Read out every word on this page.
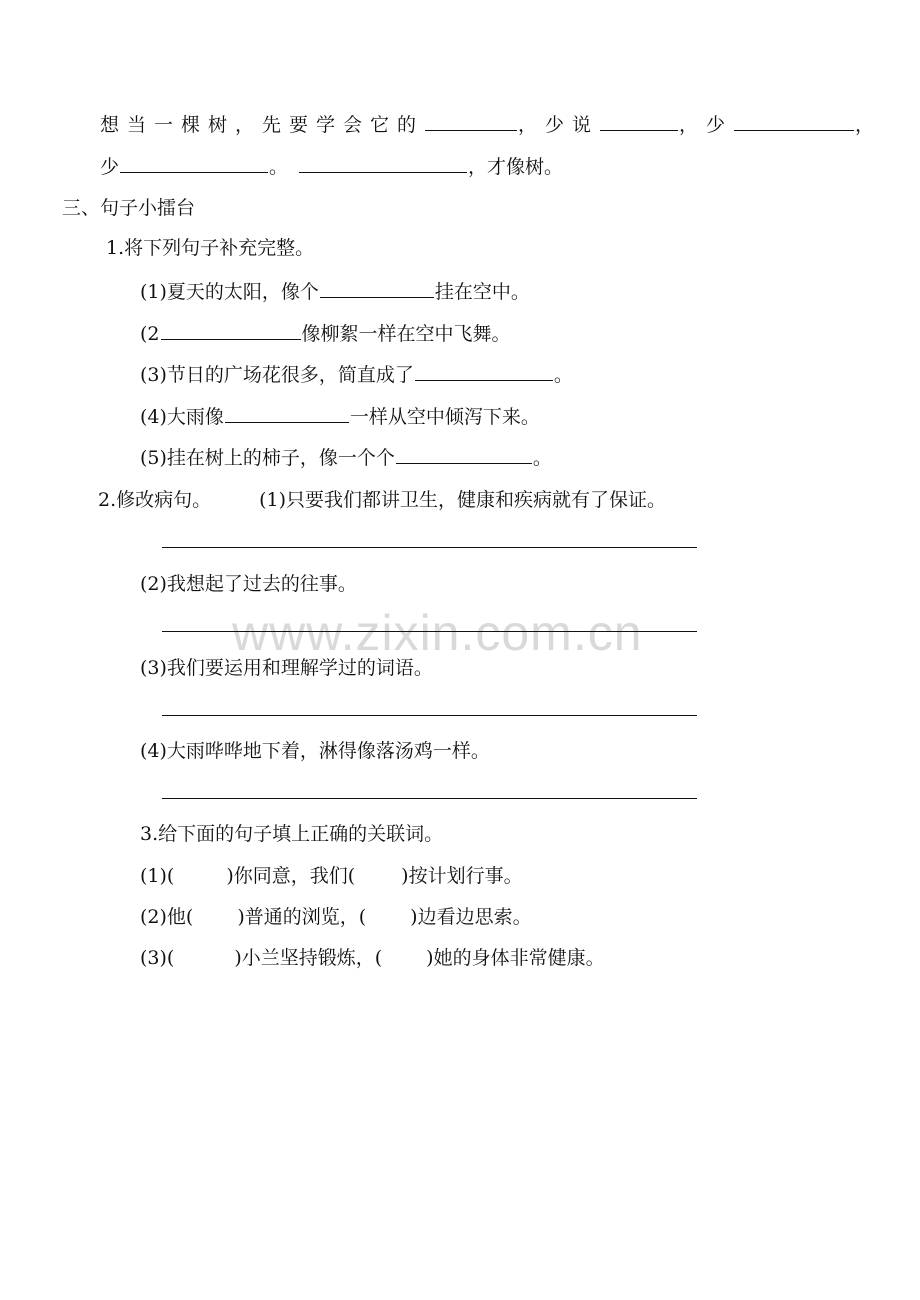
www.zixin.com.cn
想当一棵树，先要学会它的	，少说	，少	，
少	。	，才像树。
三、句子小擂台
1.将下列句子补充完整。
(1)夏天的太阳，像个	挂在空中。
(2	像柳絮一样在空中飞舞。
(3)节日的广场花很多，简直成了	。
(4)大雨像	一样从空中倾泻下来。
(5)挂在树上的柿子，像一个个	。
2.修改病句。	(1)只要我们都讲卫生，健康和疾病就有了保证。
(2)我想起了过去的往事。
(3)我们要运用和理解学过的词语。
(4)大雨哗哗地下着，淋得像落汤鸡一样。
3.给下面的句子填上正确的关联词。
(1)(	)你同意，我们( )按计划行事。
(2)他( )普通的浏览，( )边看边思索。
(3)(	)小兰坚持锻炼，( )她的身体非常健康。
